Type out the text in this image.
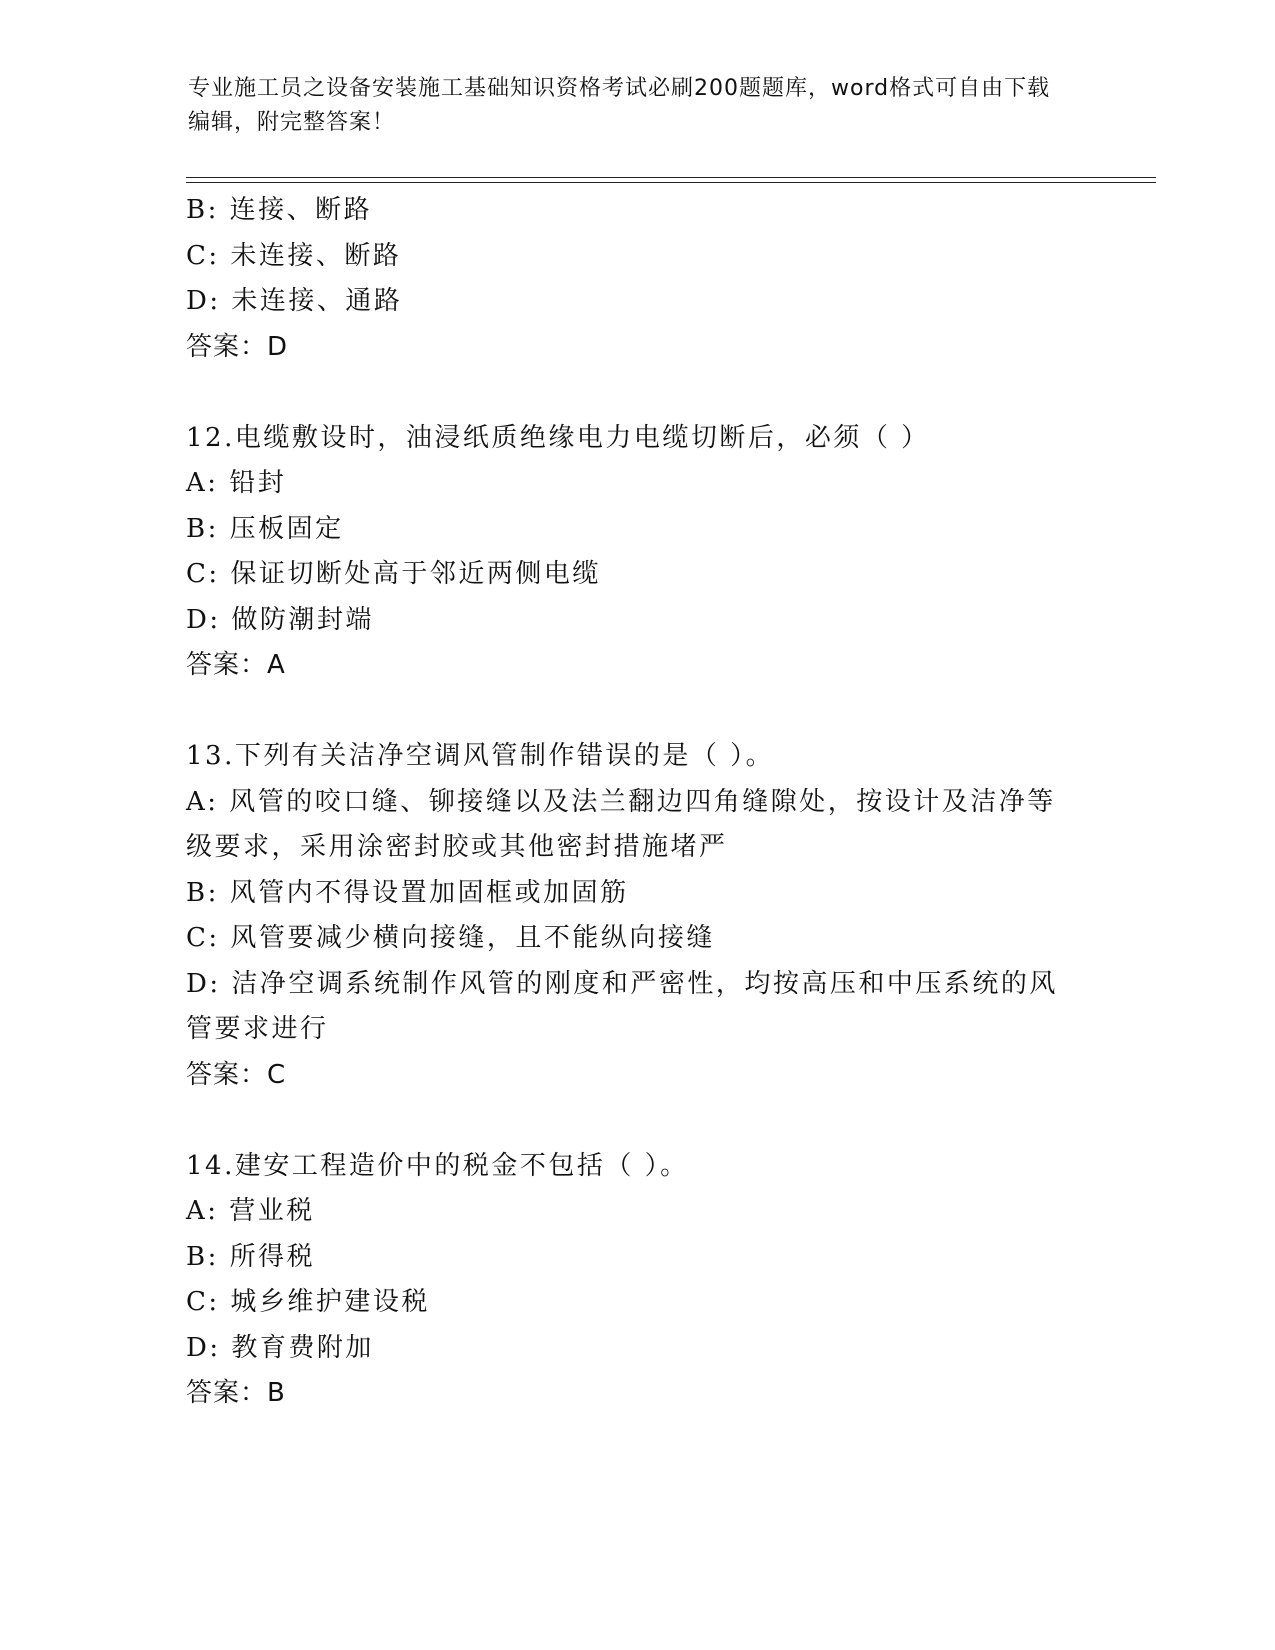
专业施工员之设备安装施工基础知识资格考试必刷200题题库，word格式可自由下载编辑，附完整答案！

B: 连接、断路

C: 未连接、断路

D: 未连接、通路

答案：D

12.电缆敷设时，油浸纸质绝缘电力电缆切断后，必须（ ）

A: 铅封

B: 压板固定

C: 保证切断处高于邻近两侧电缆

D: 做防潮封端

答案：A

13.下列有关洁净空调风管制作错误的是（ ）。

A: 风管的咬口缝、铆接缝以及法兰翻边四角缝隙处，按设计及洁净等级要求，采用涂密封胶或其他密封措施堵严

B: 风管内不得设置加固框或加固筋

C: 风管要减少横向接缝，且不能纵向接缝

D: 洁净空调系统制作风管的刚度和严密性，均按高压和中压系统的风管要求进行

答案：C

14.建安工程造价中的税金不包括（ ）。

A: 营业税

B: 所得税

C: 城乡维护建设税

D: 教育费附加

答案：B
